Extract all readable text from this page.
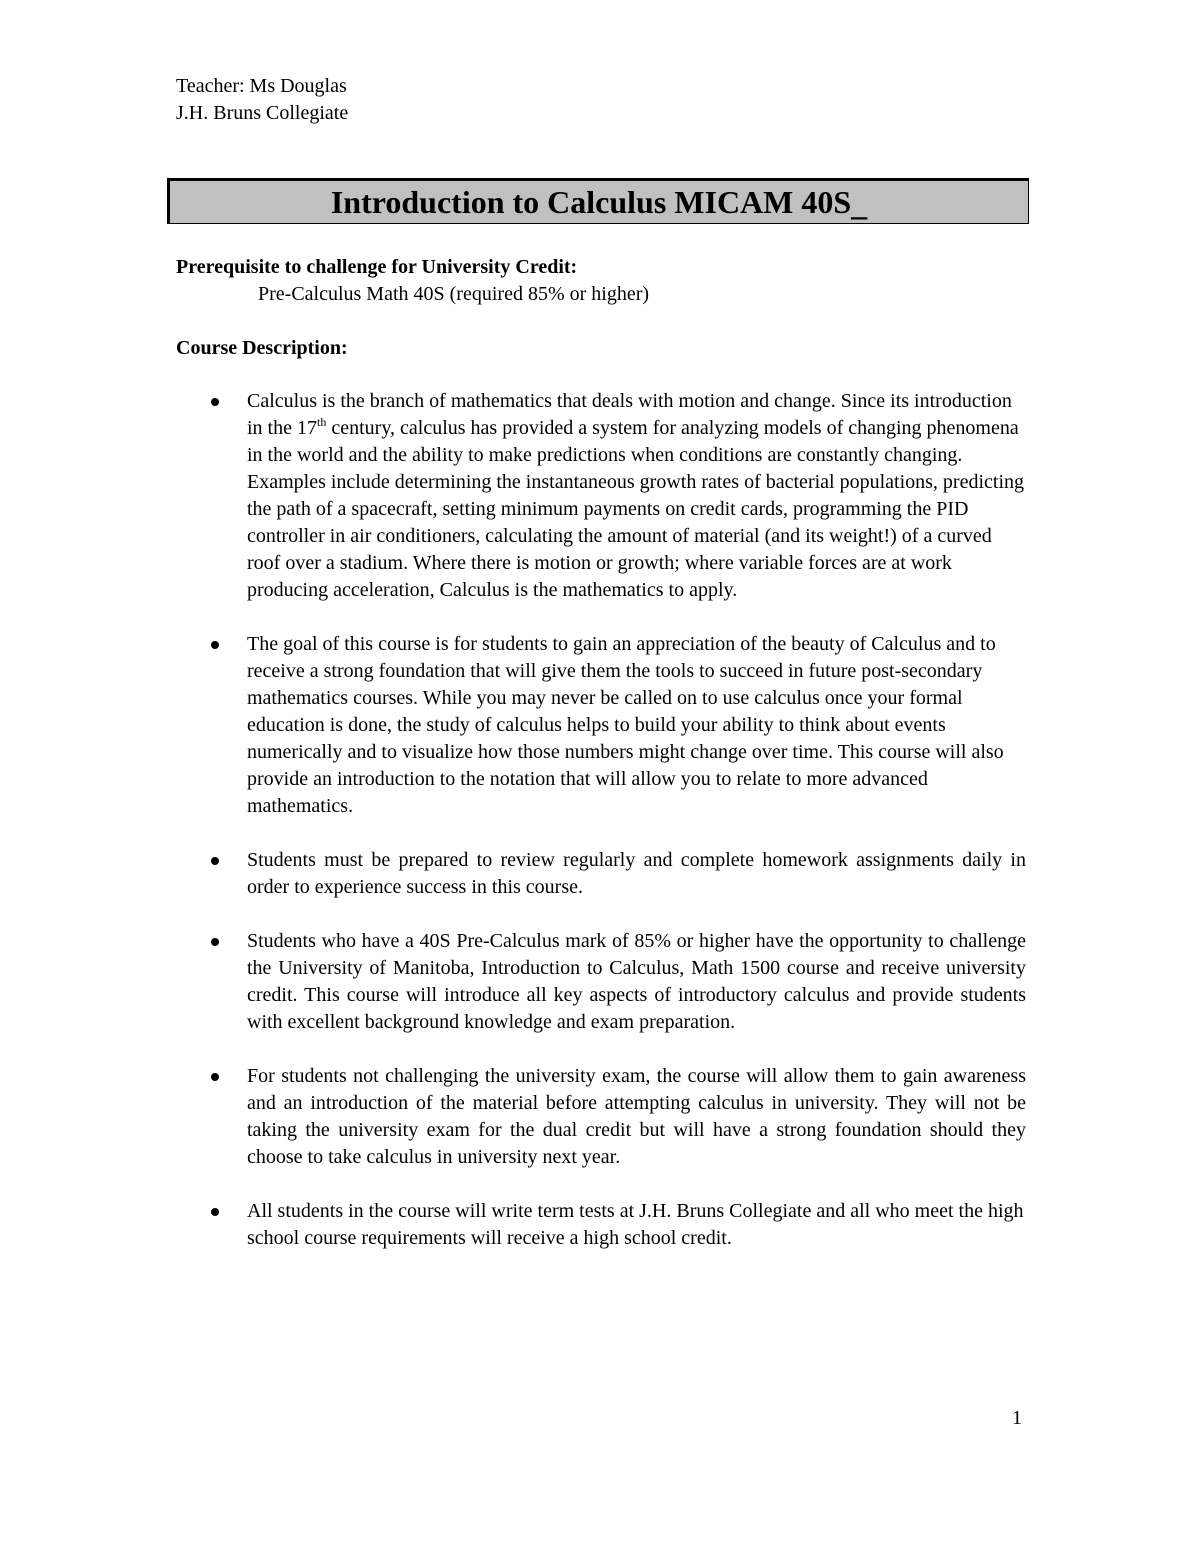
Teacher: Ms Douglas
J.H. Bruns Collegiate
Introduction to Calculus MICAM 40S_
Prerequisite to challenge for University Credit:
Pre-Calculus Math 40S (required 85% or higher)
Course Description:
Calculus is the branch of mathematics that deals with motion and change. Since its introduction in the 17th century, calculus has provided a system for analyzing models of changing phenomena in the world and the ability to make predictions when conditions are constantly changing. Examples include determining the instantaneous growth rates of bacterial populations, predicting the path of a spacecraft, setting minimum payments on credit cards, programming the PID controller in air conditioners, calculating the amount of material (and its weight!) of a curved roof over a stadium. Where there is motion or growth; where variable forces are at work producing acceleration, Calculus is the mathematics to apply.
The goal of this course is for students to gain an appreciation of the beauty of Calculus and to receive a strong foundation that will give them the tools to succeed in future post-secondary mathematics courses. While you may never be called on to use calculus once your formal education is done, the study of calculus helps to build your ability to think about events numerically and to visualize how those numbers might change over time. This course will also provide an introduction to the notation that will allow you to relate to more advanced mathematics.
Students must be prepared to review regularly and complete homework assignments daily in order to experience success in this course.
Students who have a 40S Pre-Calculus mark of 85% or higher have the opportunity to challenge the University of Manitoba, Introduction to Calculus, Math 1500 course and receive university credit. This course will introduce all key aspects of introductory calculus and provide students with excellent background knowledge and exam preparation.
For students not challenging the university exam, the course will allow them to gain awareness and an introduction of the material before attempting calculus in university. They will not be taking the university exam for the dual credit but will have a strong foundation should they choose to take calculus in university next year.
All students in the course will write term tests at J.H. Bruns Collegiate and all who meet the high school course requirements will receive a high school credit.
1
